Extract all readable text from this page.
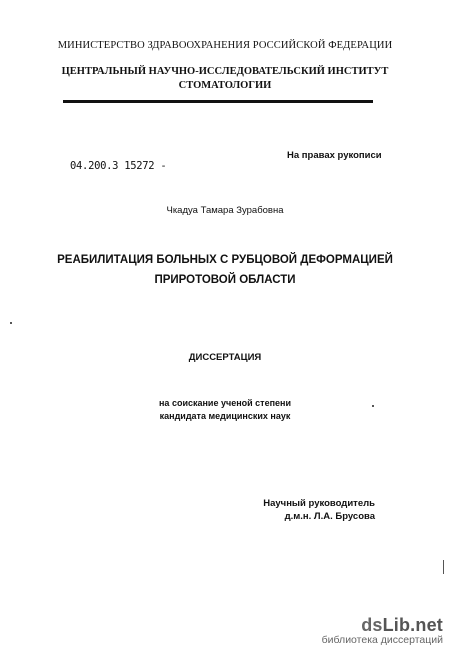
МИНИСТЕРСТВО ЗДРАВООХРАНЕНИЯ РОССИЙСКОЙ ФЕДЕРАЦИИ
ЦЕНТРАЛЬНЫЙ НАУЧНО-ИССЛЕДОВАТЕЛЬСКИЙ ИНСТИТУТ
СТОМАТОЛОГИИ
На правах рукописи
04.200.3 15272 -
Чкадуа Тамара Зурабовна
РЕАБИЛИТАЦИЯ БОЛЬНЫХ С РУБЦОВОЙ ДЕФОРМАЦИЕЙ
ПРИРОТОВОЙ ОБЛАСТИ
ДИССЕРТАЦИЯ
на соискание ученой степени
кандидата медицинских наук
Научный руководитель
д.м.н. Л.А. Брусова
dsLib.net
библиотека диссертаций
